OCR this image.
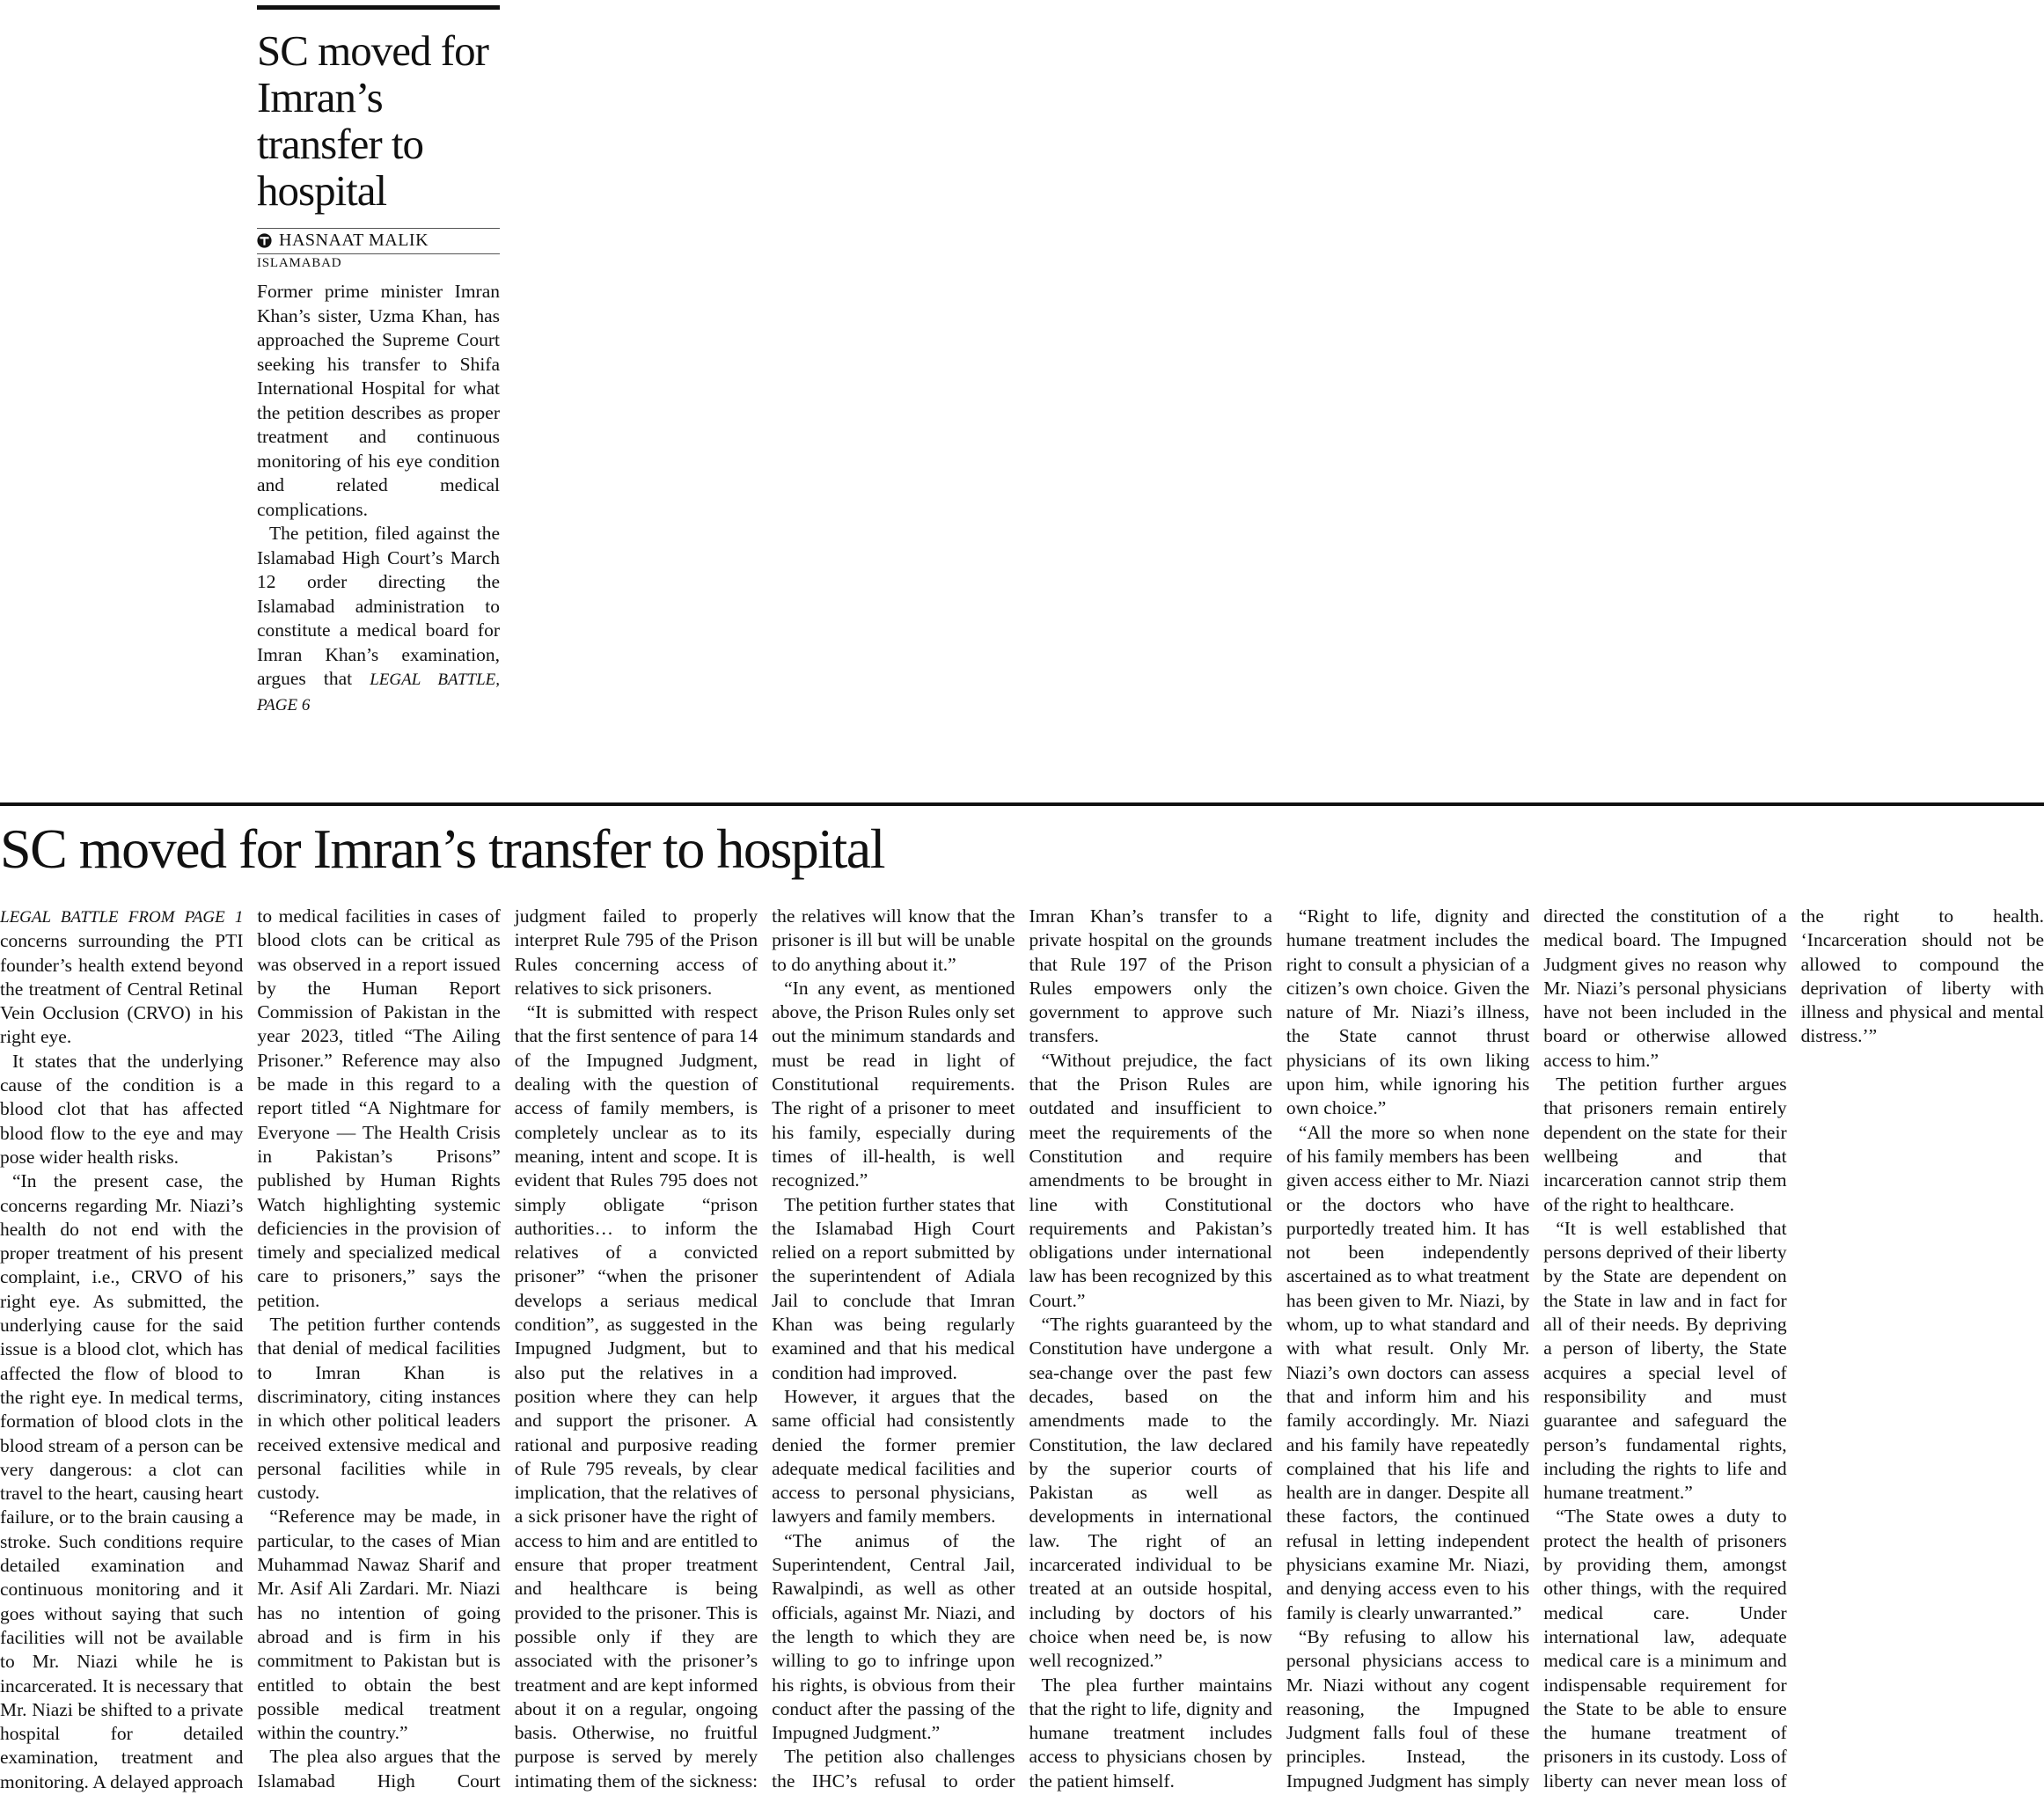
SC moved for Imran’s transfer to hospital
HASNAAT MALIK
ISLAMABAD

Former prime minister Imran Khan’s sister, Uzma Khan, has approached the Supreme Court seeking his transfer to Shifa International Hospital for what the petition describes as proper treatment and continuous monitoring of his eye condition and related medical complications.

The petition, filed against the Islamabad High Court’s March 12 order directing the Islamabad administration to constitute a medical board for Imran Khan’s examination, argues that LEGAL BATTLE, PAGE 6

SC moved for Imran’s transfer to hospital

LEGAL BATTLE FROM PAGE 1 concerns surrounding the PTI founder’s health extend beyond the treatment of Central Retinal Vein Occlusion (CRVO) in his right eye.

It states that the underlying cause of the condition is a blood clot that has affected blood flow to the eye and may pose wider health risks.

“In the present case, the concerns regarding Mr. Niazi’s health do not end with the proper treatment of his present complaint, i.e., CRVO of his right eye. As submitted, the underlying cause for the said issue is a blood clot, which has affected the flow of blood to the right eye. In medical terms, formation of blood clots in the blood stream of a person can be very dangerous: a clot can travel to the heart, causing heart failure, or to the brain causing a stroke. Such conditions require detailed examination and continuous monitoring and it goes without saying that such facilities will not be available to Mr. Niazi while he is incarcerated. It is necessary that Mr. Niazi be shifted to a private hospital for detailed examination, treatment and monitoring. A delayed approach to medical facilities in cases of blood clots can be critical as was observed in a report issued by the Human Report Commission of Pakistan in the year 2023, titled “The Ailing Prisoner.” Reference may also be made in this regard to a report titled “A Nightmare for Everyone — The Health Crisis in Pakistan’s Prisons” published by Human Rights Watch highlighting systemic deficiencies in the provision of timely and specialized medical care to prisoners,” says the petition.

The petition further contends that denial of medical facilities to Imran Khan is discriminatory, citing instances in which other political leaders received extensive medical and personal facilities while in custody.

“Reference may be made, in particular, to the cases of Mian Muhammad Nawaz Sharif and Mr. Asif Ali Zardari. Mr. Niazi has no intention of going abroad and is firm in his commitment to Pakistan but is entitled to obtain the best possible medical treatment within the country.”

The plea also argues that the Islamabad High Court judgment failed to properly interpret Rule 795 of the Prison Rules concerning access of relatives to sick prisoners.

“It is submitted with respect that the first sentence of para 14 of the Impugned Judgment, dealing with the question of access of family members, is completely unclear as to its meaning, intent and scope. It is evident that Rules 795 does not simply obligate “prison authorities… to inform the relatives of a convicted prisoner” “when the prisoner develops a seriaus medical condition”, as suggested in the Impugned Judgment, but to also put the relatives in a position where they can help and support the prisoner. A rational and purposive reading of Rule 795 reveals, by clear implication, that the relatives of a sick prisoner have the right of access to him and are entitled to ensure that proper treatment and healthcare is being provided to the prisoner. This is possible only if they are associated with the prisoner’s treatment and are kept informed about it on a regular, ongoing basis. Otherwise, no fruitful purpose is served by merely intimating them of the sickness: the relatives will know that the prisoner is ill but will be unable to do anything about it.”

“In any event, as mentioned above, the Prison Rules only set out the minimum standards and must be read in light of Constitutional requirements. The right of a prisoner to meet his family, especially during times of ill-health, is well recognized.”

The petition further states that the Islamabad High Court relied on a report submitted by the superintendent of Adiala Jail to conclude that Imran Khan was being regularly examined and that his medical condition had improved.

However, it argues that the same official had consistently denied the former premier adequate medical facilities and access to personal physicians, lawyers and family members.

“The animus of the Superintendent, Central Jail, Rawalpindi, as well as other officials, against Mr. Niazi, and the length to which they are willing to go to infringe upon his rights, is obvious from their conduct after the passing of the Impugned Judgment.”

The petition also challenges the IHC’s refusal to order Imran Khan’s transfer to a private hospital on the grounds that Rule 197 of the Prison Rules empowers only the government to approve such transfers.

“Without prejudice, the fact that the Prison Rules are outdated and insufficient to meet the requirements of the Constitution and require amendments to be brought in line with Constitutional requirements and Pakistan’s obligations under international law has been recognized by this Court.”

“The rights guaranteed by the Constitution have undergone a sea-change over the past few decades, based on the amendments made to the Constitution, the law declared by the superior courts of Pakistan as well as developments in international law. The right of an incarcerated individual to be treated at an outside hospital, including by doctors of his choice when need be, is now well recognized.”

The plea further maintains that the right to life, dignity and humane treatment includes access to physicians chosen by the patient himself.

“Right to life, dignity and humane treatment includes the right to consult a physician of a citizen’s own choice. Given the nature of Mr. Niazi’s illness, the State cannot thrust physicians of its own liking upon him, while ignoring his own choice.”

“All the more so when none of his family members has been given access either to Mr. Niazi or the doctors who have purportedly treated him. It has not been independently ascertained as to what treatment has been given to Mr. Niazi, by whom, up to what standard and with what result. Only Mr. Niazi’s own doctors can assess that and inform him and his family accordingly. Mr. Niazi and his family have repeatedly complained that his life and health are in danger. Despite all these factors, the continued refusal in letting independent physicians examine Mr. Niazi, and denying access even to his family is clearly unwarranted.”

“By refusing to allow his personal physicians access to Mr. Niazi without any cogent reasoning, the Impugned Judgment falls foul of these principles. Instead, the Impugned Judgment has simply directed the constitution of a medical board. The Impugned Judgment gives no reason why Mr. Niazi’s personal physicians have not been included in the board or otherwise allowed access to him.”

The petition further argues that prisoners remain entirely dependent on the state for their wellbeing and that incarceration cannot strip them of the right to healthcare.

“It is well established that persons deprived of their liberty by the State are dependent on the State in law and in fact for all of their needs. By depriving a person of liberty, the State acquires a special level of responsibility and must guarantee and safeguard the person’s fundamental rights, including the rights to life and humane treatment.”

“The State owes a duty to protect the health of prisoners by providing them, amongst other things, with the required medical care. Under international law, adequate medical care is a minimum and indispensable requirement for the State to be able to ensure the humane treatment of prisoners in its custody. Loss of liberty can never mean loss of the right to health. ‘Incarceration should not be allowed to compound the deprivation of liberty with illness and physical and mental distress.’”
